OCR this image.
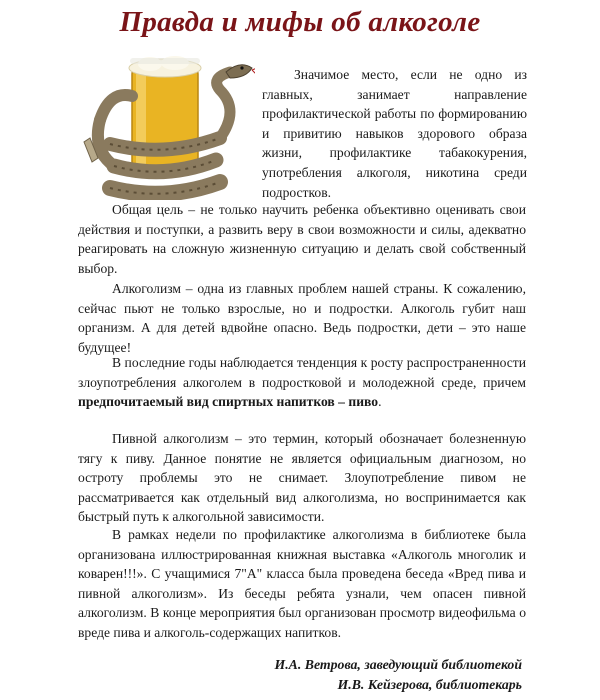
Правда и мифы об алкоголе

Значимое место, если не одно из главных, занимает направление профилактической работы по формированию и привитию навыков здорового образа жизни, профилактике табакокурения, употребления алкоголя, никотина среди подростков.

Общая цель – не только научить ребенка объективно оценивать свои действия и поступки, а развить веру в свои возможности и силы, адекватно реагировать на сложную жизненную ситуацию и делать свой собственный выбор.

Алкоголизм – одна из главных проблем нашей страны. К сожалению, сейчас пьют не только взрослые, но и подростки. Алкоголь губит наш организм. А для детей вдвойне опасно. Ведь подростки, дети – это наше будущее!

В последние годы наблюдается тенденция к росту распространенности злоупотребления алкоголем в подростковой и молодежной среде, причем предпочитаемый вид спиртных напитков – пиво.

Пивной алкоголизм – это термин, который обозначает болезненную тягу к пиву. Данное понятие не является официальным диагнозом, но остроту проблемы это не снимает. Злоупотребление пивом не рассматривается как отдельный вид алкоголизма, но воспринимается как быстрый путь к алкогольной зависимости.

В рамках недели по профилактике алкоголизма в библиотеке была организована иллюстрированная книжная выставка «Алкоголь многолик и коварен!!!». С учащимися 7"А" класса была проведена беседа «Вред пива и пивной алкоголизм». Из беседы ребята узнали, чем опасен пивной алкоголизм. В конце мероприятия был организован просмотр видеофильма о вреде пива и алкоголь-содержащих напитков.

И.А. Ветрова, заведующий библиотекой

И.В. Кейзерова, библиотекарь
